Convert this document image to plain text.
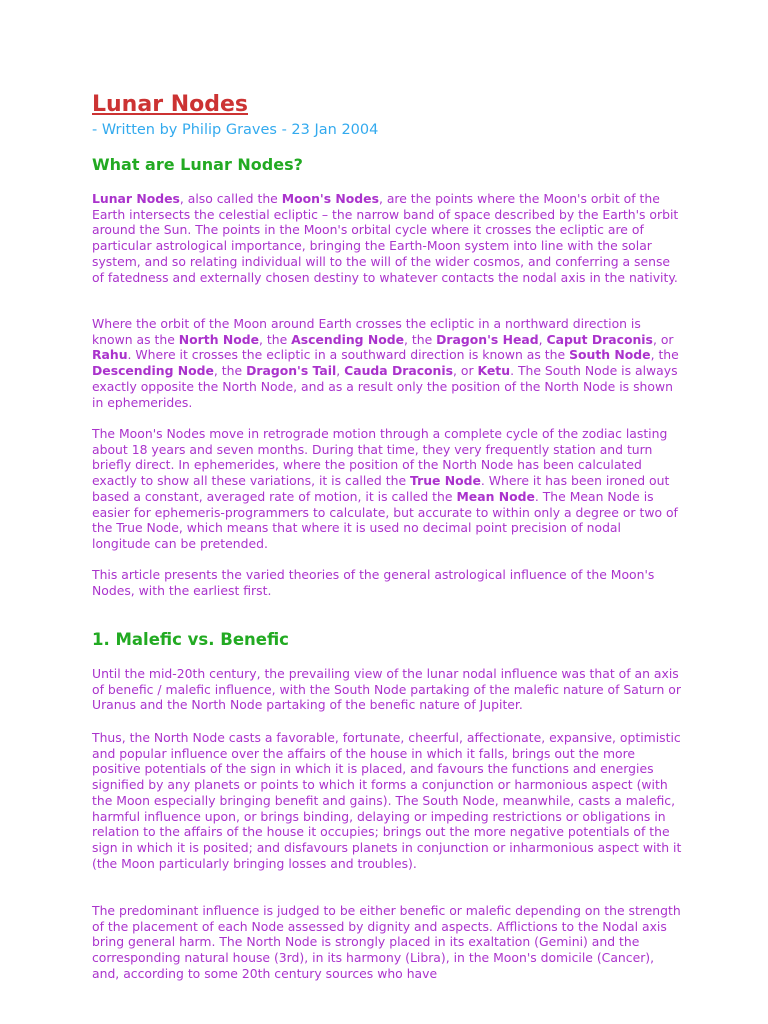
Lunar Nodes

- Written by Philip Graves - 23 Jan 2004

What are Lunar Nodes?

Lunar Nodes, also called the Moon's Nodes, are the points where the Moon's orbit of the Earth intersects the celestial ecliptic – the narrow band of space described by the Earth's orbit around the Sun. The points in the Moon's orbital cycle where it crosses the ecliptic are of particular astrological importance, bringing the Earth-Moon system into line with the solar system, and so relating individual will to the will of the wider cosmos, and conferring a sense of fatedness and externally chosen destiny to whatever contacts the nodal axis in the nativity.

Where the orbit of the Moon around Earth crosses the ecliptic in a northward direction is known as the North Node, the Ascending Node, the Dragon's Head, Caput Draconis, or Rahu. Where it crosses the ecliptic in a southward direction is known as the South Node, the Descending Node, the Dragon's Tail, Cauda Draconis, or Ketu. The South Node is always exactly opposite the North Node, and as a result only the position of the North Node is shown in ephemerides.

The Moon's Nodes move in retrograde motion through a complete cycle of the zodiac lasting about 18 years and seven months. During that time, they very frequently station and turn briefly direct. In ephemerides, where the position of the North Node has been calculated exactly to show all these variations, it is called the True Node. Where it has been ironed out based a constant, averaged rate of motion, it is called the Mean Node. The Mean Node is easier for ephemeris-programmers to calculate, but accurate to within only a degree or two of the True Node, which means that where it is used no decimal point precision of nodal longitude can be pretended.

This article presents the varied theories of the general astrological influence of the Moon's Nodes, with the earliest first.

1. Malefic vs. Benefic

Until the mid-20th century, the prevailing view of the lunar nodal influence was that of an axis of benefic / malefic influence, with the South Node partaking of the malefic nature of Saturn or Uranus and the North Node partaking of the benefic nature of Jupiter.

Thus, the North Node casts a favorable, fortunate, cheerful, affectionate, expansive, optimistic and popular influence over the affairs of the house in which it falls, brings out the more positive potentials of the sign in which it is placed, and favours the functions and energies signified by any planets or points to which it forms a conjunction or harmonious aspect (with the Moon especially bringing benefit and gains). The South Node, meanwhile, casts a malefic, harmful influence upon, or brings binding, delaying or impeding restrictions or obligations in relation to the affairs of the house it occupies; brings out the more negative potentials of the sign in which it is posited; and disfavours planets in conjunction or inharmonious aspect with it (the Moon particularly bringing losses and troubles).

The predominant influence is judged to be either benefic or malefic depending on the strength of the placement of each Node assessed by dignity and aspects. Afflictions to the Nodal axis bring general harm. The North Node is strongly placed in its exaltation (Gemini) and the corresponding natural house (3rd), in its harmony (Libra), in the Moon's domicile (Cancer), and, according to some 20th century sources who have
